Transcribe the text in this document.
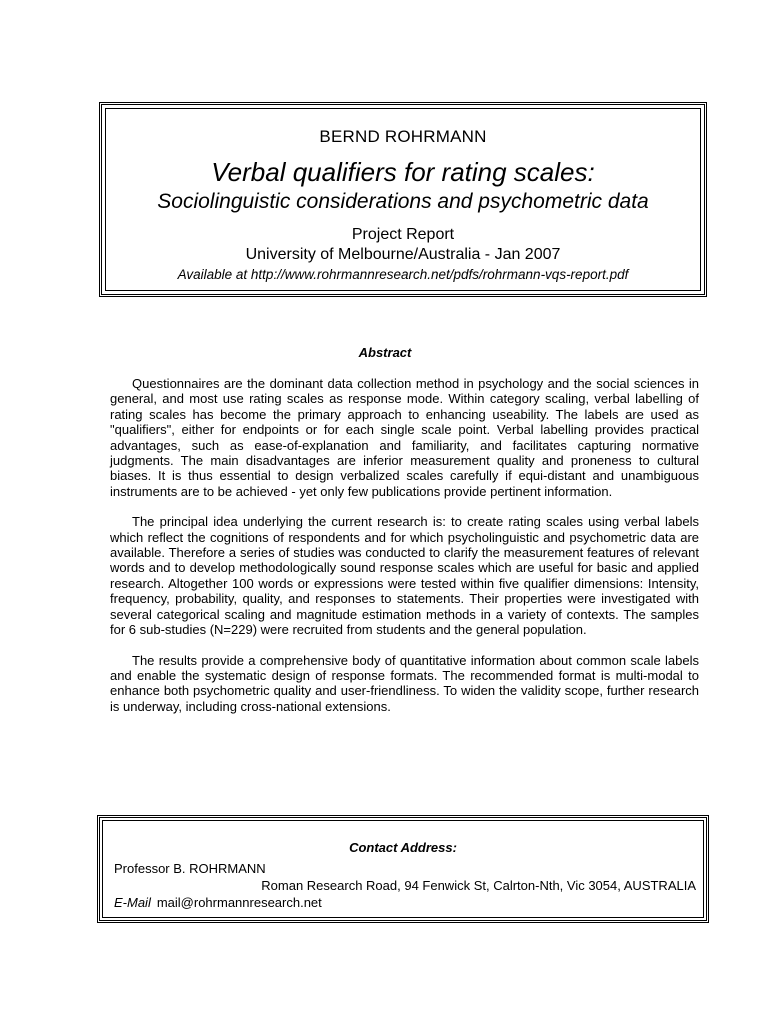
BERND ROHRMANN
Verbal qualifiers for rating scales:
Sociolinguistic considerations and psychometric data
Project Report
University of Melbourne/Australia - Jan 2007
Available at http://www.rohrmannresearch.net/pdfs/rohrmann-vqs-report.pdf
Abstract

Questionnaires are the dominant data collection method in psychology and the social sciences in general, and most use rating scales as response mode. Within category scaling, verbal labelling of rating scales has become the primary approach to enhancing useability. The labels are used as "qualifiers", either for endpoints or for each single scale point. Verbal labelling provides practical advantages, such as ease-of-explanation and familiarity, and facilitates capturing normative judgments. The main disadvantages are inferior measurement quality and proneness to cultural biases. It is thus essential to design verbalized scales carefully if equi-distant and unambiguous instruments are to be achieved - yet only few publications provide pertinent information.

The principal idea underlying the current research is: to create rating scales using verbal labels which reflect the cognitions of respondents and for which psycholinguistic and psychometric data are available. Therefore a series of studies was conducted to clarify the measurement features of relevant words and to develop methodologically sound response scales which are useful for basic and applied research. Altogether 100 words or expressions were tested within five qualifier dimensions: Intensity, frequency, probability, quality, and responses to statements. Their properties were investigated with several categorical scaling and magnitude estimation methods in a variety of contexts. The samples for 6 sub-studies (N=229) were recruited from students and the general population.

The results provide a comprehensive body of quantitative information about common scale labels and enable the systematic design of response formats. The recommended format is multi-modal to enhance both psychometric quality and user-friendliness. To widen the validity scope, further research is underway, including cross-national extensions.

Contact Address:
Professor B. ROHRMANN
Roman Research Road, 94 Fenwick St, Calrton-Nth, Vic 3054, AUSTRALIA
E-Mail mail@rohrmannresearch.net
